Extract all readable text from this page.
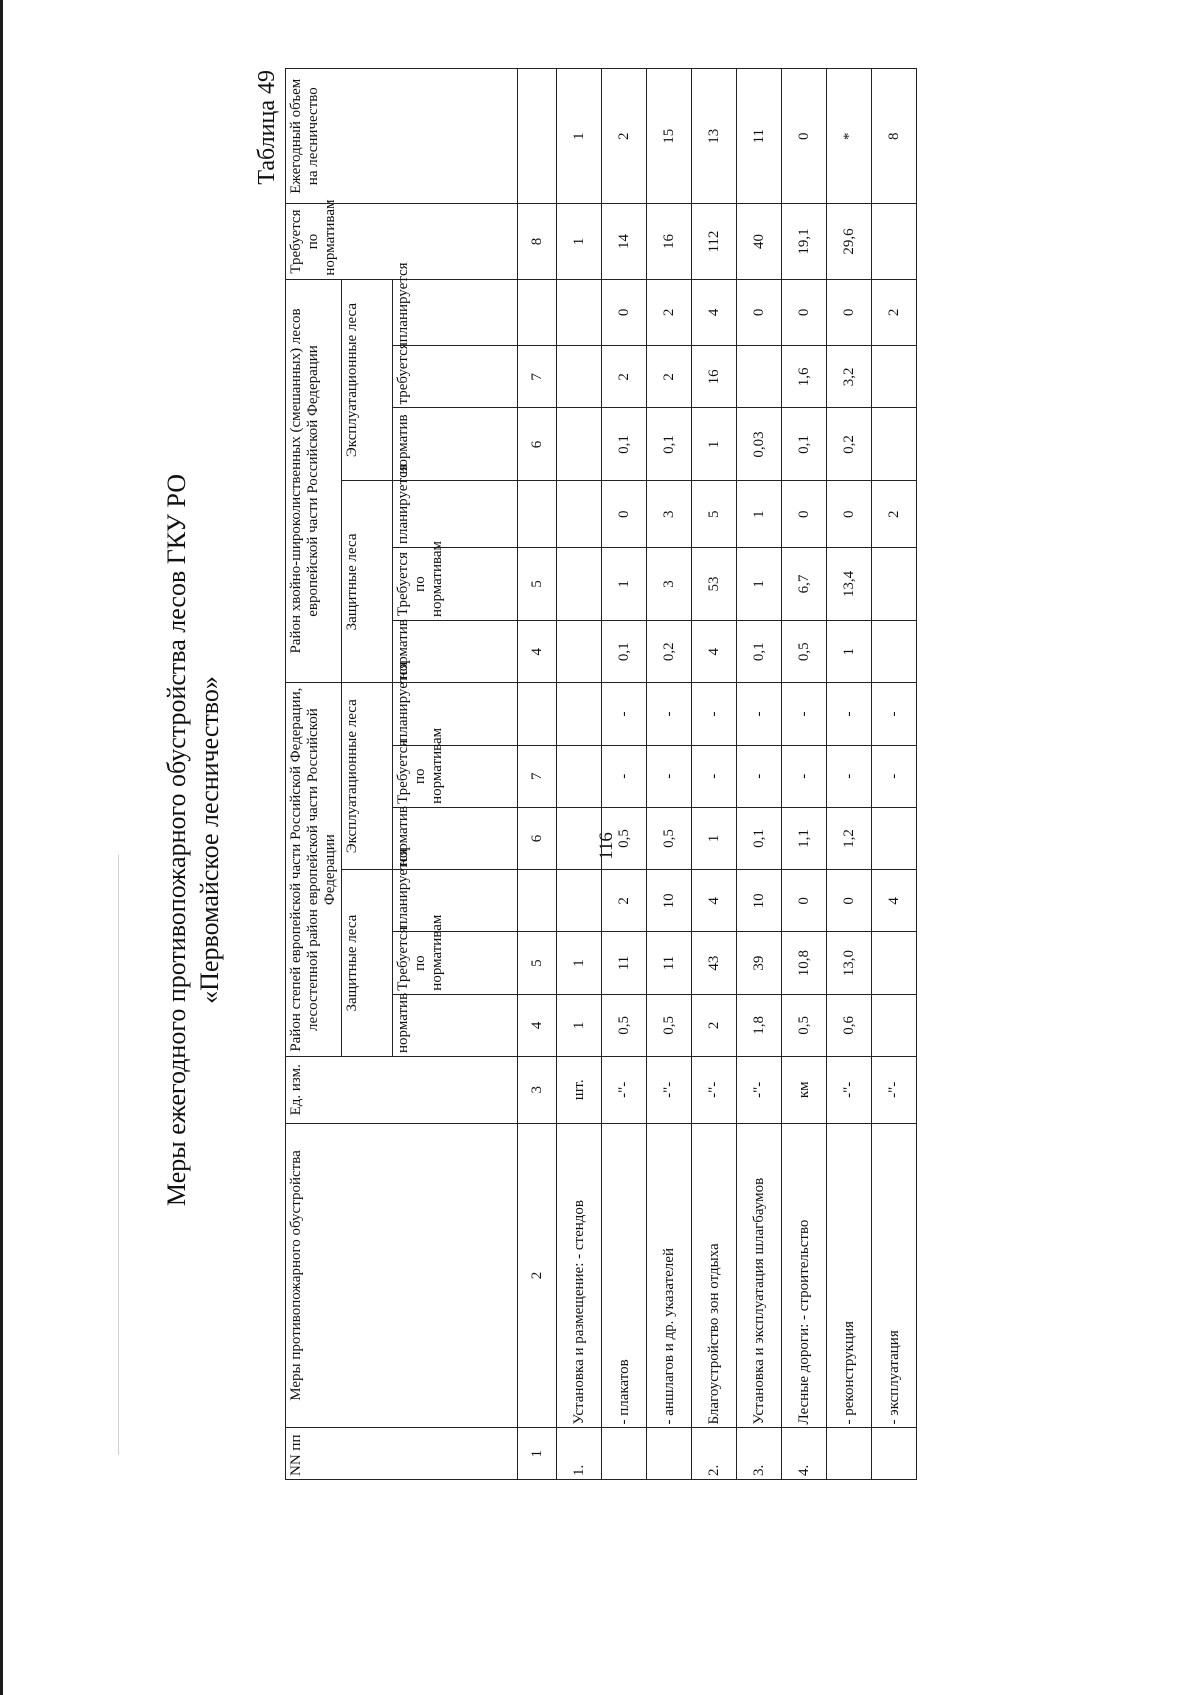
116
Меры ежегодного противопожарного обустройства лесов ГКУ РО «Первомайское лесничество»
Таблица 49
NN пп	Меры противопожарного обустройства	Ед. изм.	Район степей европейской части Российской Федерации, лесостепной район европейской части Российской Федерации						Район хвойно-широколиственных (смешанных) лесов европейской части Российской Федерации						Требуется по нормативам	Ежегодный объем на лесничество
			Защитные леса			Эксплуатационные леса			Защитные леса			Эксплуатационные леса				
			норматив	Требуется по нормативам	планируется	норматив	Требуется по нормативам	планируется	норматив	Требуется по нормативам	планируется	норматив	требуется	планируется		
1	2	3	4	5		6	7		4	5		6	7		8	
1.	Установка и размещение: - стендов	шт.	1	1											1	1
	- плакатов	-"-	0,5	11	2	0,5	-	-	0,1	1	0	0,1	2	0	14	2
	- аншлагов и др. указателей	-"-	0,5	11	10	0,5	-	-	0,2	3	3	0,1	2	2	16	15
2.	Благоустройство зон отдыха	-"-	2	43	4	1	-	-	4	53	5	1	16	4	112	13
3.	Установка и эксплуатация шлагбаумов	-"-	1,8	39	10	0,1	-	-	0,1	1	1	0,03		0	40	11
4.	Лесные дороги: - строительство	км	0,5	10,8	0	1,1	-	-	0,5	6,7	0	0,1	1,6	0	19,1	0
	- реконструкция	-"-	0,6	13,0	0	1,2	-	-	1	13,4	0	0,2	3,2	0	29,6	*
	- эксплуатация	-"-			4		-	-			2			2		8
